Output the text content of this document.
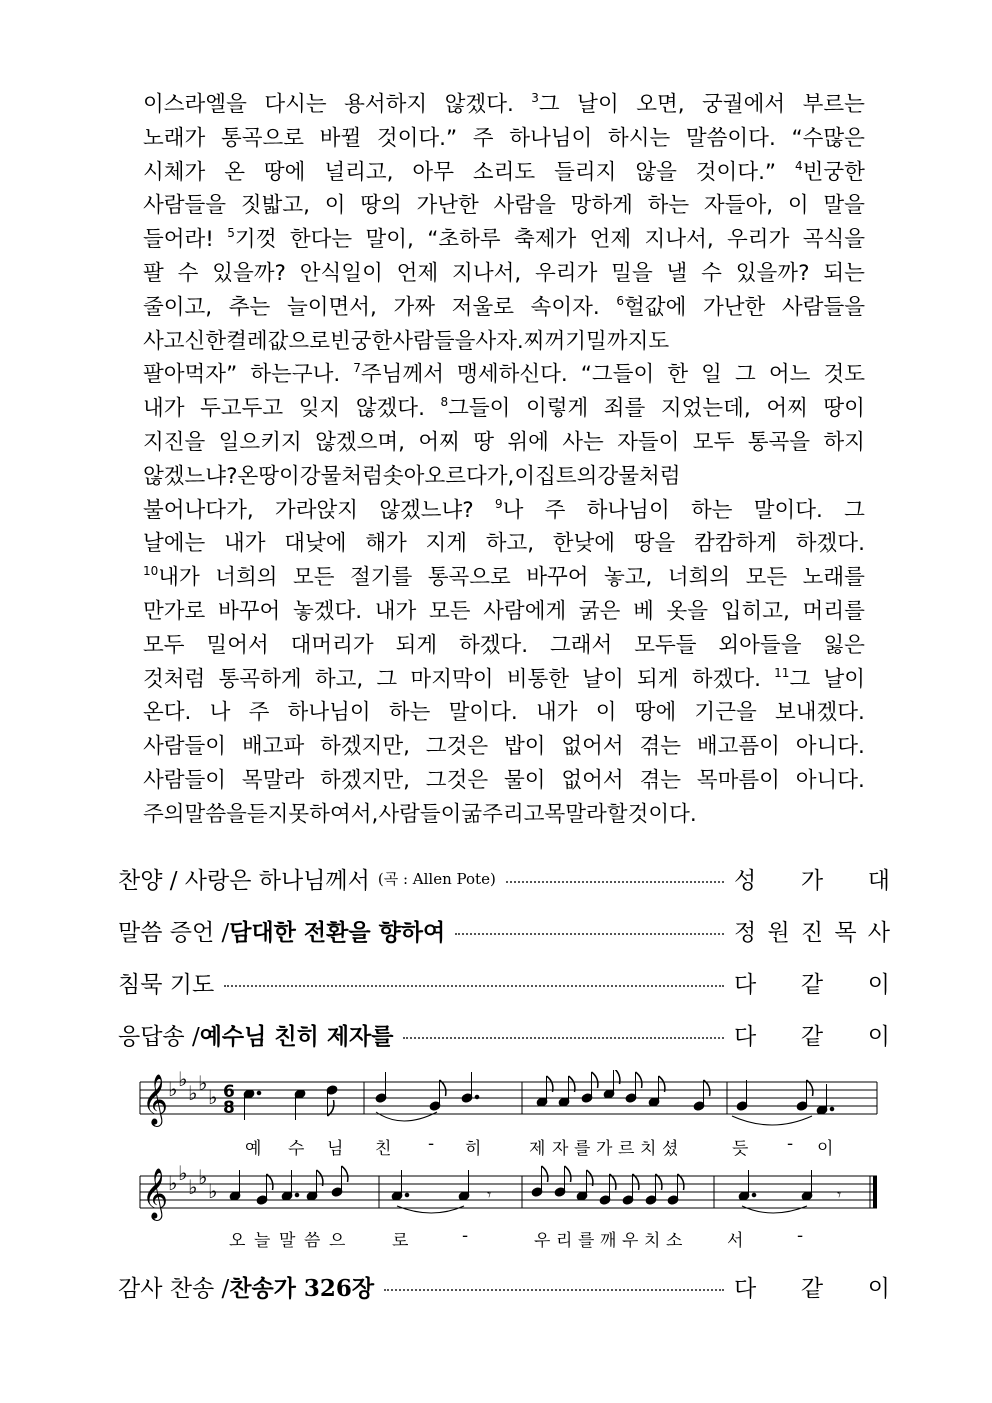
이스라엘을 다시는 용서하지 않겠다. $^3$그 날이 오면, 궁궐에서 부르는
노래가 통곡으로 바뀔 것이다.” 주 하나님이 하시는 말씀이다. “수많은
시체가 온 땅에 널리고, 아무 소리도 들리지 않을 것이다.” $^4$빈궁한
사람들을 짓밟고, 이 땅의 가난한 사람을 망하게 하는 자들아, 이 말을
들어라! $^5$기껏 한다는 말이, “초하루 축제가 언제 지나서, 우리가 곡식을
팔 수 있을까? 안식일이 언제 지나서, 우리가 밀을 낼 수 있을까? 되는
줄이고, 추는 늘이면서, 가짜 저울로 속이자. $^6$헐값에 가난한 사람들을
사고 신 한 켤레 값으로 빈궁한 사람들을 사자. 찌꺼기 밀까지도
팔아먹자” 하는구나. $^7$주님께서 맹세하신다. “그들이 한 일 그 어느 것도
내가 두고두고 잊지 않겠다. $^8$그들이 이렇게 죄를 지었는데, 어찌 땅이
지진을 일으키지 않겠으며, 어찌 땅 위에 사는 자들이 모두 통곡을 하지
않겠느냐? 온 땅이 강물처럼 솟아오르다가, 이집트의 강물처럼
불어나다가, 가라앉지 않겠느냐? $^9$나 주 하나님이 하는 말이다. 그
날에는 내가 대낮에 해가 지게 하고, 한낮에 땅을 캄캄하게 하겠다.
$^{10}$내가 너희의 모든 절기를 통곡으로 바꾸어 놓고, 너희의 모든 노래를
만가로 바꾸어 놓겠다. 내가 모든 사람에게 굵은 베 옷을 입히고, 머리를
모두 밀어서 대머리가 되게 하겠다. 그래서 모두들 외아들을 잃은
것처럼 통곡하게 하고, 그 마지막이 비통한 날이 되게 하겠다. $^{11}$그 날이
온다. 나 주 하나님이 하는 말이다. 내가 이 땅에 기근을 보내겠다.
사람들이 배고파 하겠지만, 그것은 밥이 없어서 겪는 배고픔이 아니다.
사람들이 목말라 하겠지만, 그것은 물이 없어서 겪는 목마름이 아니다.
주의 말씀을 듣지 못하여서, 사람들이 굶주리고 목말라 할 것이다.
찬양 / 사랑은 하나님께서 (곡 : Allen Pote)	성 가 대
말씀 증언 / 담대한 전환을 향하여	정 원 진 목 사
침묵 기도	다 같 이
응답송 / 예수님 친히 제자를	다 같 이
𝄞
𝄞
♭ ♭
♭ ♭
♭
♭ ♭
♭ ♭
♭
6
8
𝄾	𝄾
예 수 님 친 - 히	제 자 를 가 르 치 셨	듯 - 이
오 늘 말 씀 으	로	-	우 리 를 깨 우 치 소	서	-
감사 찬송 / 찬송가 326장	다 같 이
